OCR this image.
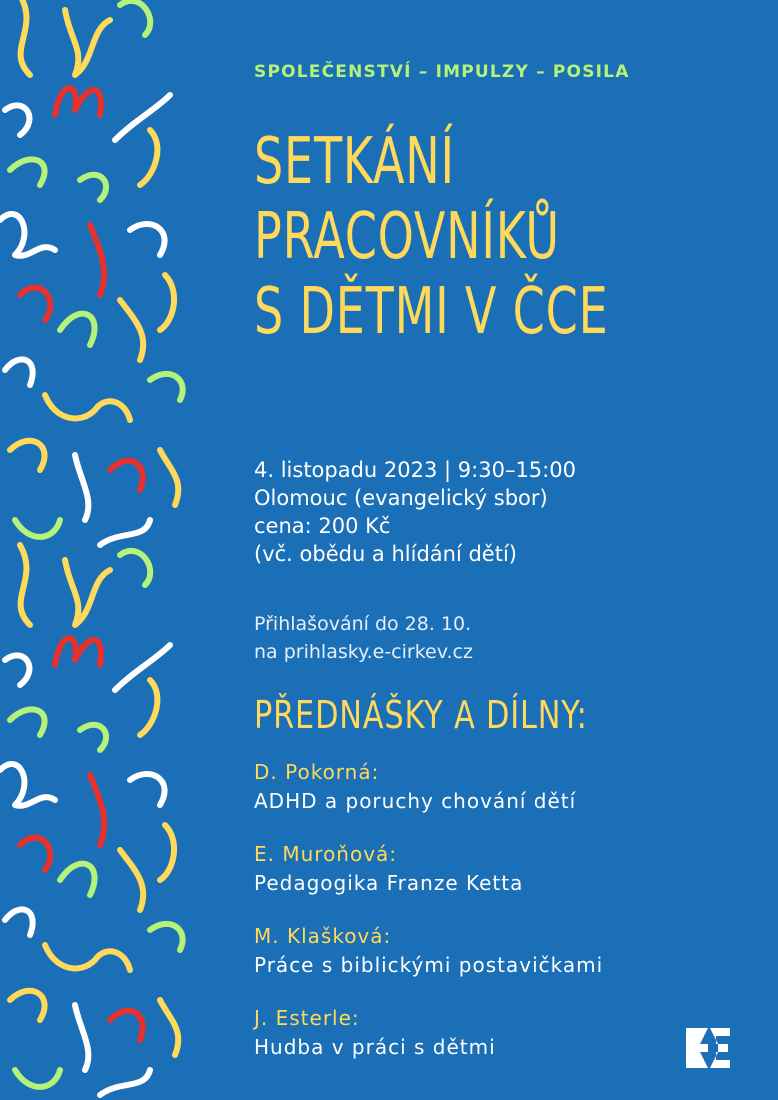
SPOLEČENSTVÍ – IMPULZY – POSILA
SETKÁNÍ
PRACOVNÍKŮ
S DĚTMI V ČCE
4. listopadu 2023 | 9:30–15:00
Olomouc (evangelický sbor)
cena: 200 Kč
(vč. obědu a hlídání dětí)
Přihlašování do 28. 10.
na prihlasky.e-cirkev.cz
PŘEDNÁŠKY A DÍLNY:
D. Pokorná:
ADHD a poruchy chování dětí
E. Muroňová:
Pedagogika Franze Ketta
M. Klašková:
Práce s biblickými postavičkami
J. Esterle:
Hudba v práci s dětmi
